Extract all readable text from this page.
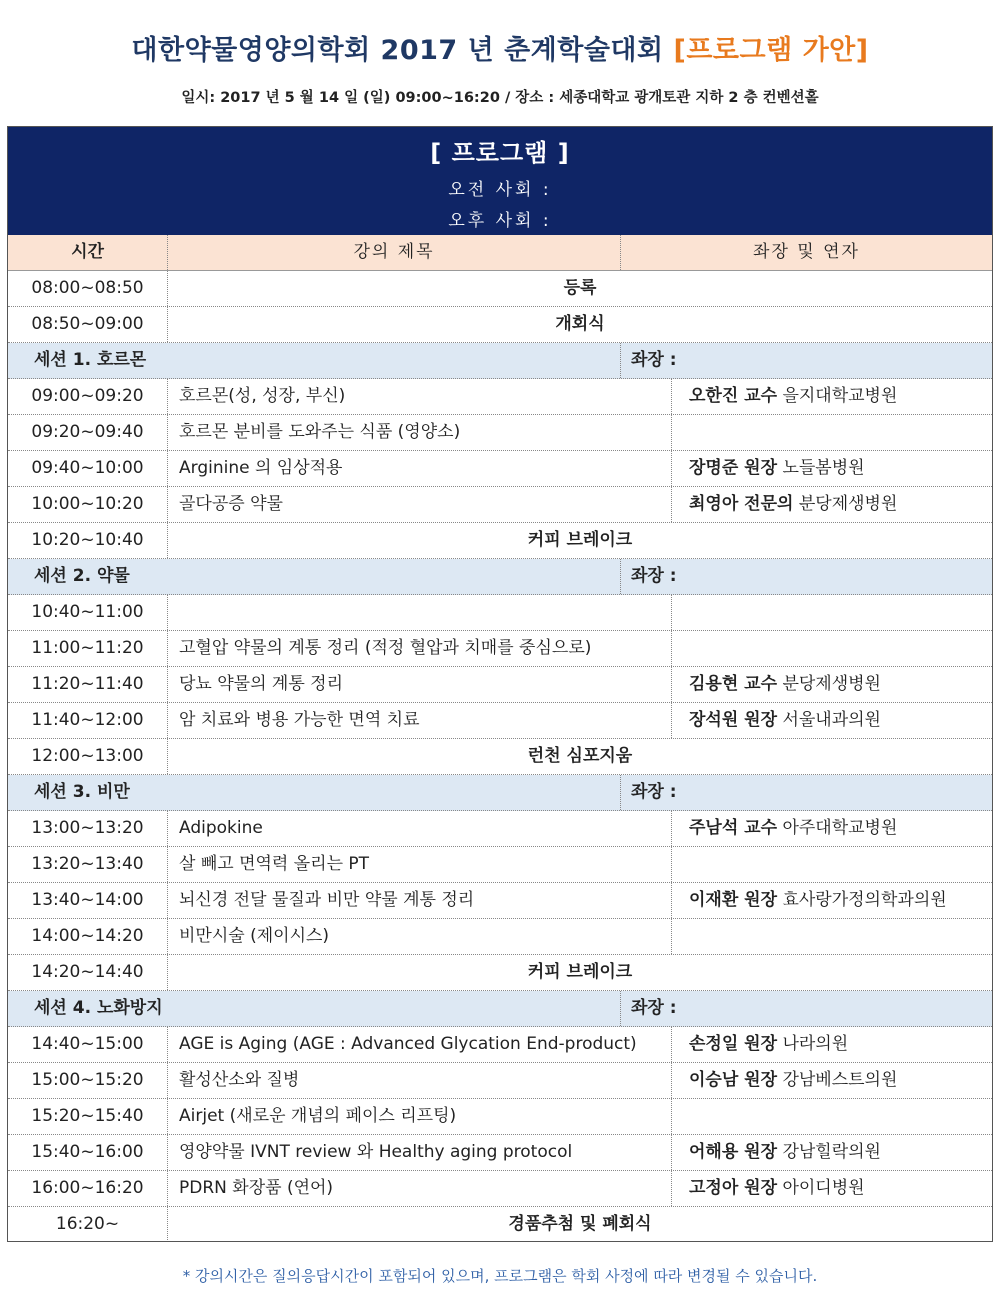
대한약물영양의학회 2017 년 춘계학술대회 [프로그램 가안]
일시: 2017 년 5 월 14 일 (일) 09:00~16:20 / 장소 : 세종대학교 광개토관 지하 2 층 컨벤션홀
[ 프로그램 ]
오전 사회 :
오후 사회 :
시간	강의 제목	좌장 및 연자
08:00~08:50	등록
08:50~09:00	개회식
세션 1. 호르몬	좌장 :
09:00~09:20	호르몬(성, 성장, 부신)	오한진 교수 을지대학교병원
09:20~09:40	호르몬 분비를 도와주는 식품 (영양소)
09:40~10:00	Arginine 의 임상적용	장명준 원장 노들봄병원
10:00~10:20	골다공증 약물	최영아 전문의 분당제생병원
10:20~10:40	커피 브레이크
세션 2. 약물	좌장 :
10:40~11:00
11:00~11:20	고혈압 약물의 계통 정리 (적정 혈압과 치매를 중심으로)
11:20~11:40	당뇨 약물의 계통 정리	김용현 교수 분당제생병원
11:40~12:00	암 치료와 병용 가능한 면역 치료	장석원 원장 서울내과의원
12:00~13:00	런천 심포지움
세션 3. 비만	좌장 :
13:00~13:20	Adipokine	주남석 교수 아주대학교병원
13:20~13:40	살 빼고 면역력 올리는 PT
13:40~14:00	뇌신경 전달 물질과 비만 약물 계통 정리	이재환 원장 효사랑가정의학과의원
14:00~14:20	비만시술 (제이시스)
14:20~14:40	커피 브레이크
세션 4. 노화방지	좌장 :
14:40~15:00	AGE is Aging (AGE : Advanced Glycation End-product)	손정일 원장 나라의원
15:00~15:20	활성산소와 질병	이승남 원장 강남베스트의원
15:20~15:40	Airjet (새로운 개념의 페이스 리프팅)
15:40~16:00	영양약물 IVNT review 와 Healthy aging protocol	어해용 원장 강남힐락의원
16:00~16:20	PDRN 화장품 (연어)	고정아 원장 아이디병원
16:20~	경품추첨 및 폐회식
* 강의시간은 질의응답시간이 포함되어 있으며, 프로그램은 학회 사정에 따라 변경될 수 있습니다.
